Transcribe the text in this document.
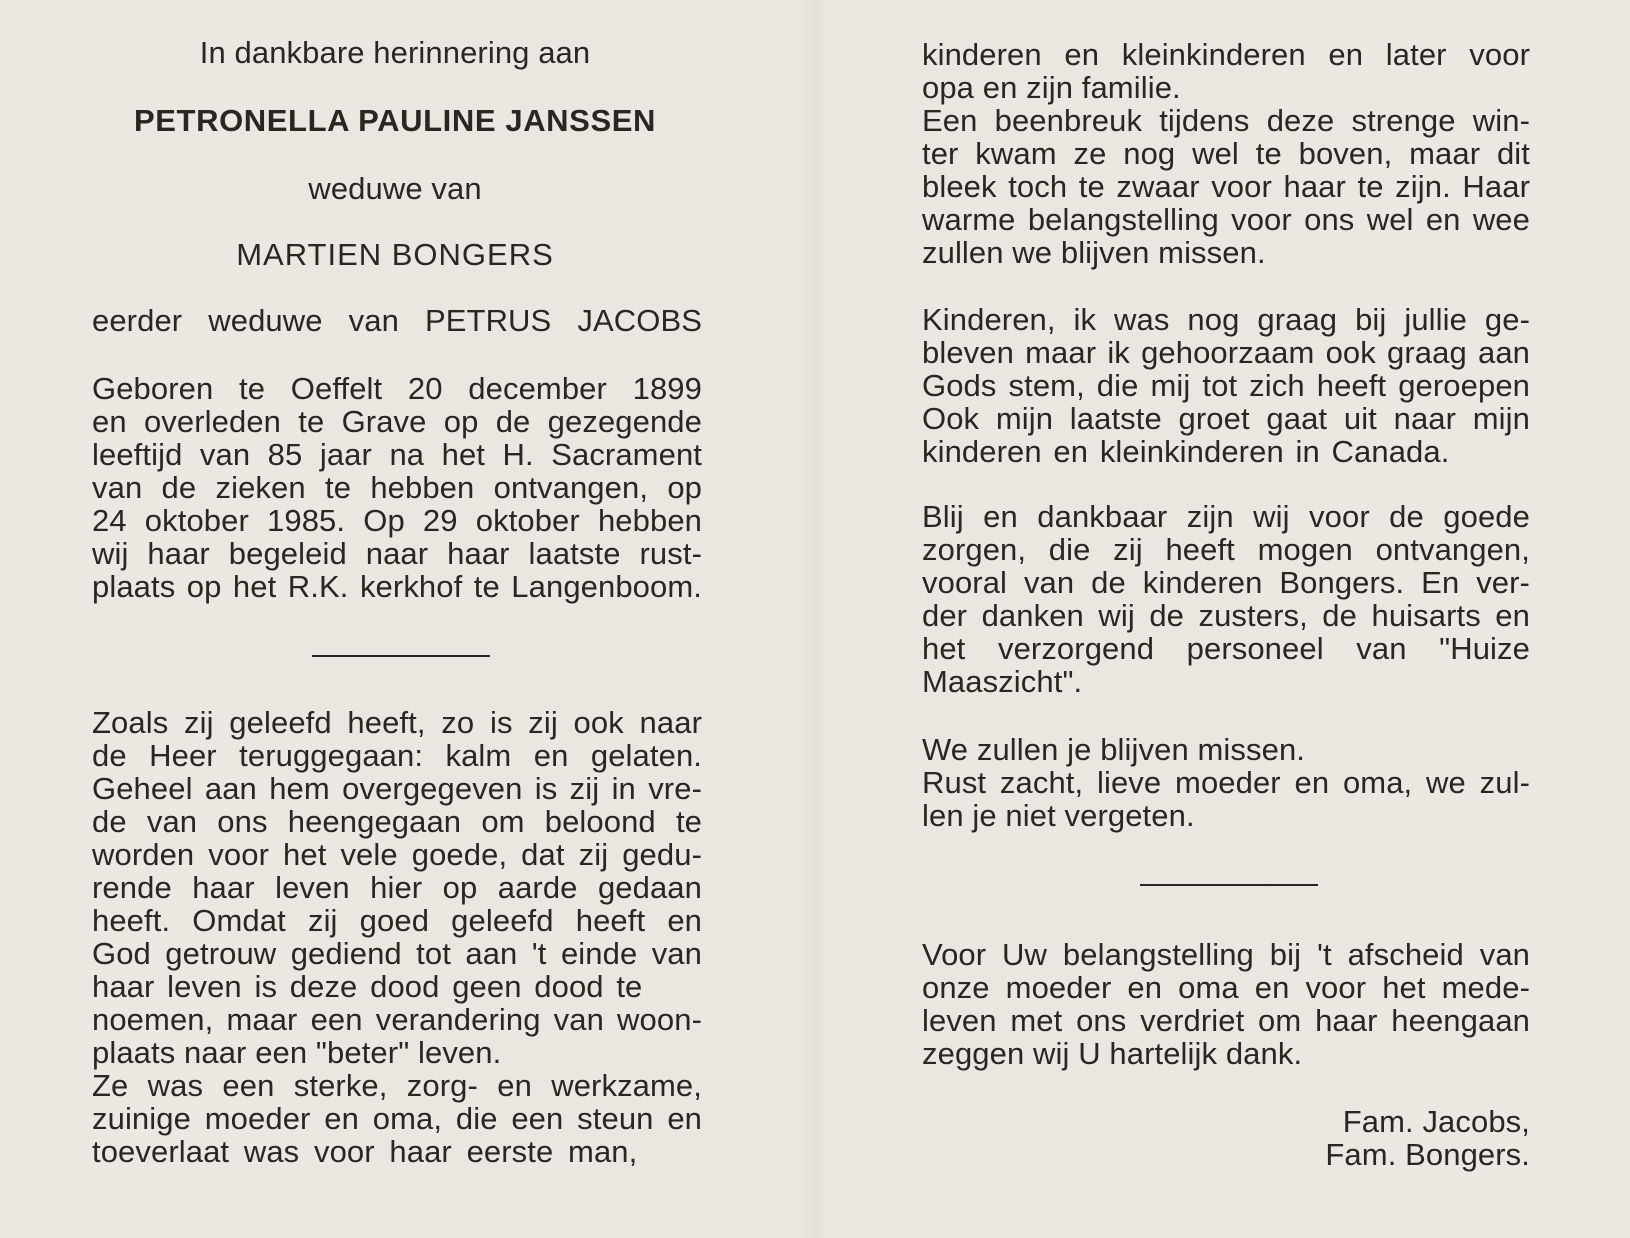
In dankbare herinnering aan
PETRONELLA PAULINE JANSSEN
weduwe van
MARTIEN BONGERS
eerder weduwe van PETRUS JACOBS
Geboren te Oeffelt 20 december 1899
en overleden te Grave op de gezegende
leeftijd van 85 jaar na het H. Sacrament
van de zieken te hebben ontvangen, op
24 oktober 1985. Op 29 oktober hebben
wij haar begeleid naar haar laatste rust-
plaats op het R.K. kerkhof te Langenboom.
Zoals zij geleefd heeft, zo is zij ook naar
de Heer teruggegaan: kalm en gelaten.
Geheel aan hem overgegeven is zij in vre-
de van ons heengegaan om beloond te
worden voor het vele goede, dat zij gedu-
rende haar leven hier op aarde gedaan
heeft. Omdat zij goed geleefd heeft en
God getrouw gediend tot aan 't einde van
haar leven is deze dood geen dood te
noemen, maar een verandering van woon-
plaats naar een "beter" leven.
Ze was een sterke, zorg- en werkzame,
zuinige moeder en oma, die een steun en
toeverlaat was voor haar eerste man,
kinderen en kleinkinderen en later voor
opa en zijn familie.
Een beenbreuk tijdens deze strenge win-
ter kwam ze nog wel te boven, maar dit
bleek toch te zwaar voor haar te zijn. Haar
warme belangstelling voor ons wel en wee
zullen we blijven missen.
Kinderen, ik was nog graag bij jullie ge-
bleven maar ik gehoorzaam ook graag aan
Gods stem, die mij tot zich heeft geroepen
Ook mijn laatste groet gaat uit naar mijn
kinderen en kleinkinderen in Canada.
Blij en dankbaar zijn wij voor de goede
zorgen, die zij heeft mogen ontvangen,
vooral van de kinderen Bongers. En ver-
der danken wij de zusters, de huisarts en
het verzorgend personeel van "Huize
Maaszicht".
We zullen je blijven missen.
Rust zacht, lieve moeder en oma, we zul-
len je niet vergeten.
Voor Uw belangstelling bij 't afscheid van
onze moeder en oma en voor het mede-
leven met ons verdriet om haar heengaan
zeggen wij U hartelijk dank.
Fam. Jacobs,
Fam. Bongers.
